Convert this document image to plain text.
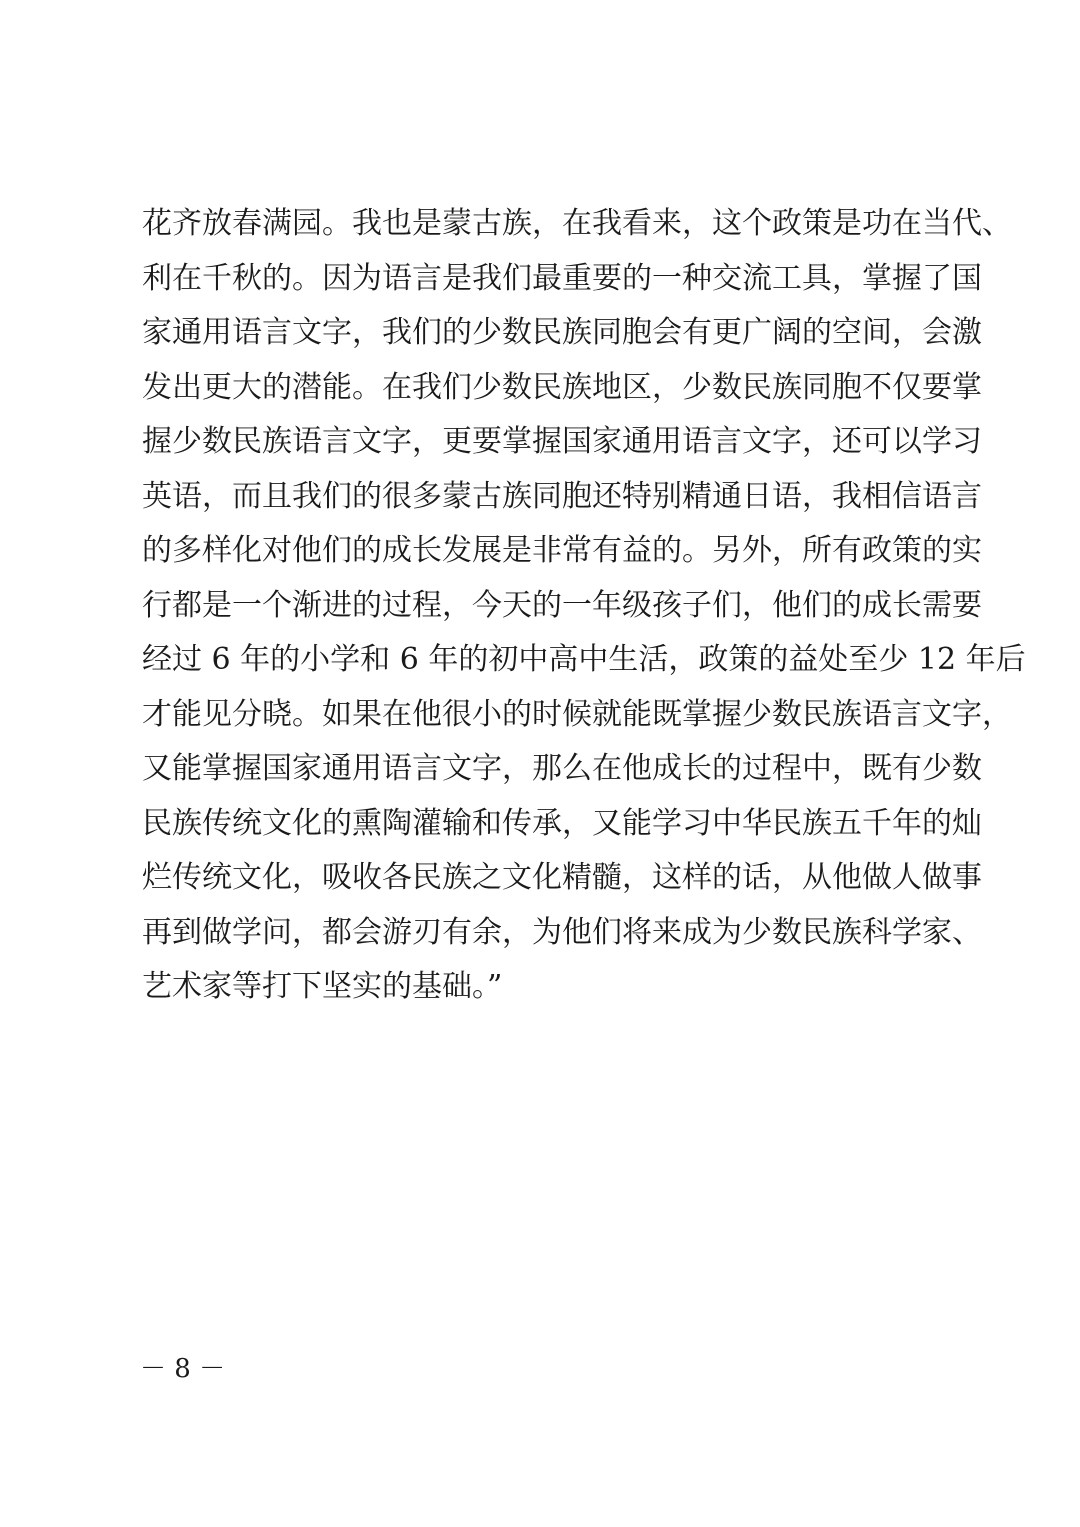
花齐放春满园。我也是蒙古族，在我看来，这个政策是功在当代、
利在千秋的。因为语言是我们最重要的一种交流工具，掌握了国
家通用语言文字，我们的少数民族同胞会有更广阔的空间，会激
发出更大的潜能。在我们少数民族地区，少数民族同胞不仅要掌
握少数民族语言文字，更要掌握国家通用语言文字，还可以学习
英语，而且我们的很多蒙古族同胞还特别精通日语，我相信语言
的多样化对他们的成长发展是非常有益的。另外，所有政策的实
行都是一个渐进的过程，今天的一年级孩子们，他们的成长需要
经过 6 年的小学和 6 年的初中高中生活，政策的益处至少 12 年后
才能见分晓。如果在他很小的时候就能既掌握少数民族语言文字，
又能掌握国家通用语言文字，那么在他成长的过程中，既有少数
民族传统文化的熏陶灌输和传承，又能学习中华民族五千年的灿
烂传统文化，吸收各民族之文化精髓，这样的话，从他做人做事
再到做学问，都会游刃有余，为他们将来成为少数民族科学家、
艺术家等打下坚实的基础。”
－ 8 －
